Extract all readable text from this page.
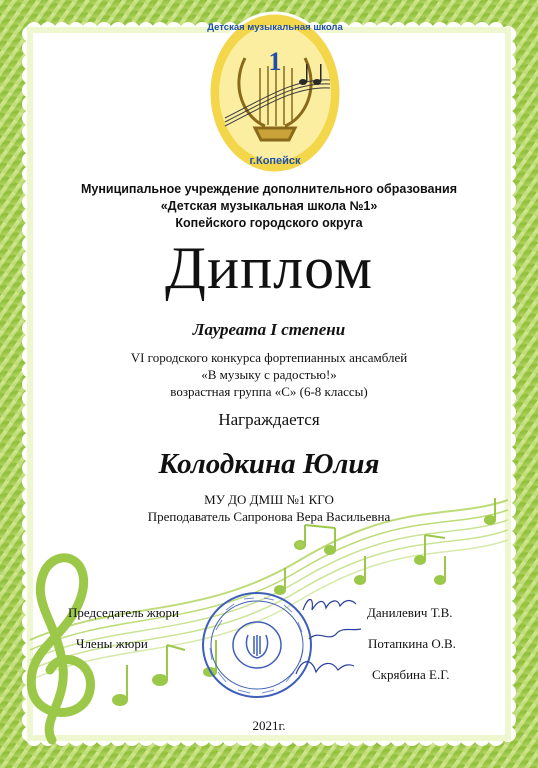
1
Детская музыкальная школа
г.Копейск

Муниципальное учреждение дополнительного образования

«Детская музыкальная школа №1»

Копейского городского округа

Диплом

Лауреата I степени

VI городского конкурса фортепианных ансамблей

«В музыку с радостью!»

возрастная группа «С» (6-8 классы)

Награждается

Колодкина Юлия

МУ ДО ДМШ №1 КГО

Преподаватель Сапронова Вера Васильевна

Председатель жюри

Члены жюри

Данилевич Т.В.

Потапкина О.В.

Скрябина Е.Г.

2021г.
